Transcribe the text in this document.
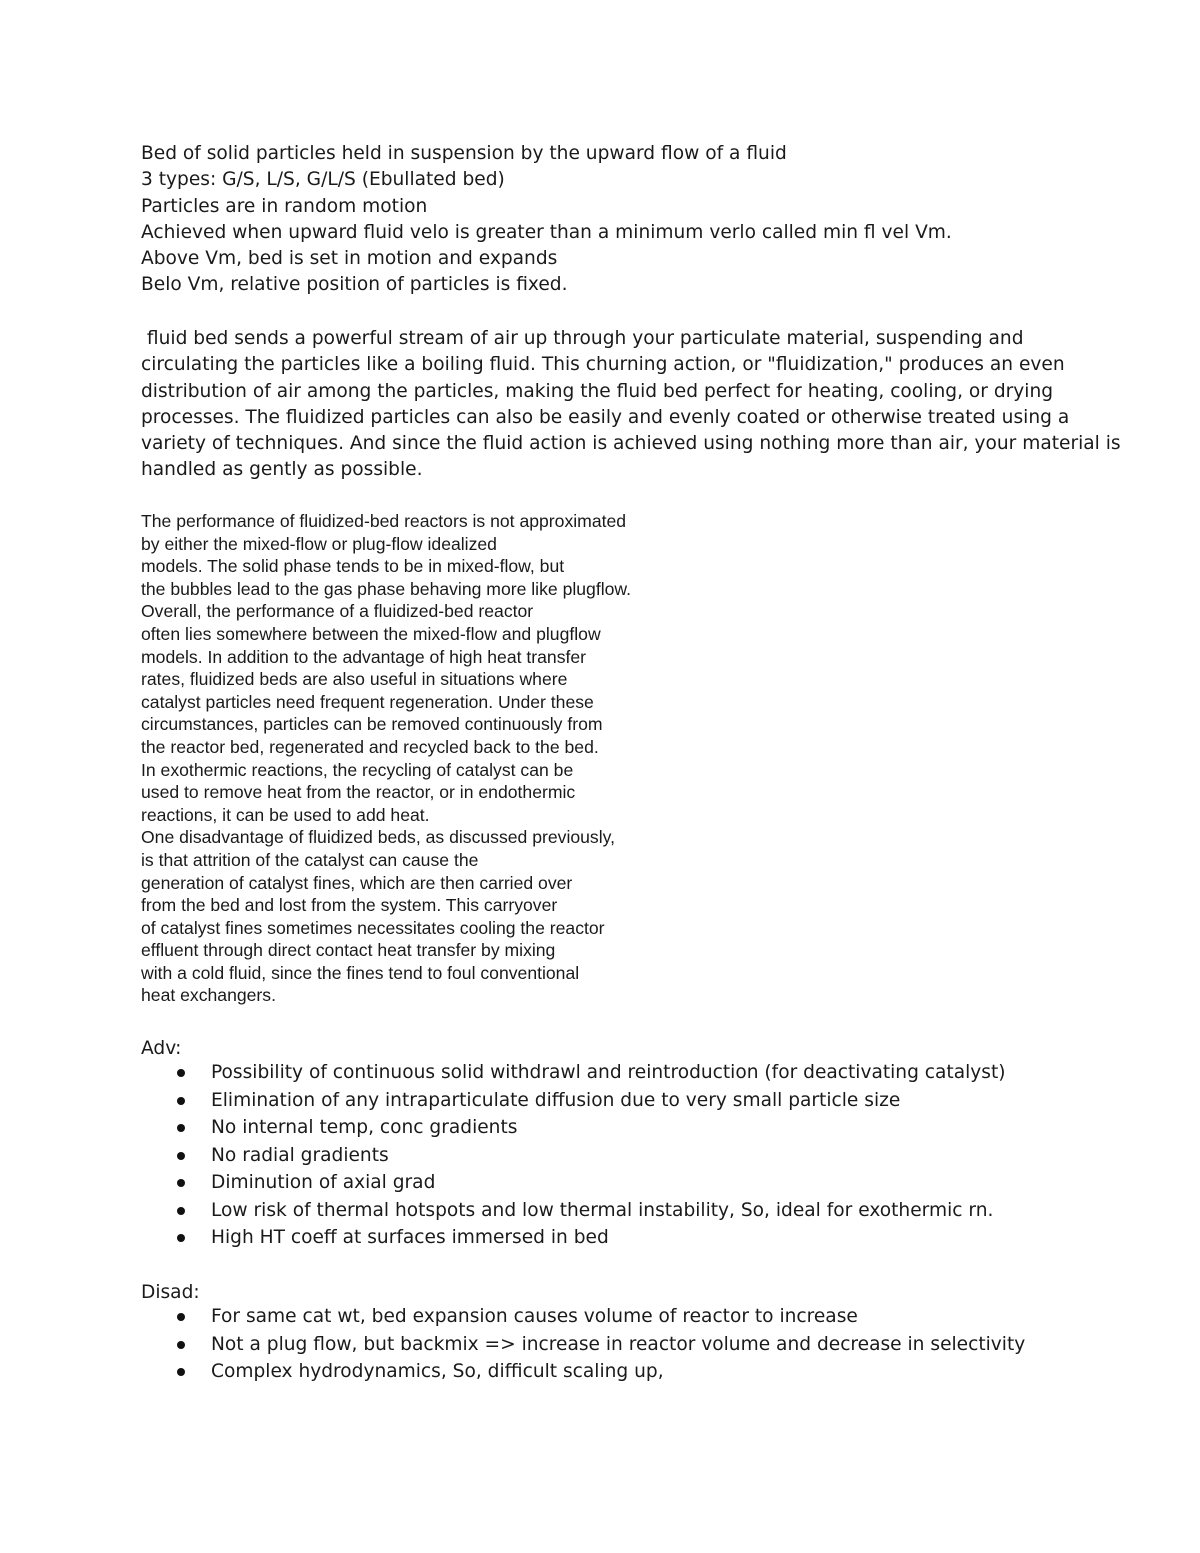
Bed of solid particles held in suspension by the upward flow of a fluid
3 types: G/S, L/S, G/L/S (Ebullated bed)
Particles are in random motion
Achieved when upward fluid velo is greater than a minimum verlo called min fl vel Vm.
Above Vm, bed is set in motion and expands
Belo Vm, relative position of particles is fixed.
fluid bed sends a powerful stream of air up through your particulate material, suspending and
circulating the particles like a boiling fluid. This churning action, or "fluidization," produces an even
distribution of air among the particles, making the fluid bed perfect for heating, cooling, or drying
processes. The fluidized particles can also be easily and evenly coated or otherwise treated using a
variety of techniques. And since the fluid action is achieved using nothing more than air, your material is
handled as gently as possible.
The performance of fluidized-bed reactors is not approximated
by either the mixed-flow or plug-flow idealized
models. The solid phase tends to be in mixed-flow, but
the bubbles lead to the gas phase behaving more like plugflow.
Overall, the performance of a fluidized-bed reactor
often lies somewhere between the mixed-flow and plugflow
models. In addition to the advantage of high heat transfer
rates, fluidized beds are also useful in situations where
catalyst particles need frequent regeneration. Under these
circumstances, particles can be removed continuously from
the reactor bed, regenerated and recycled back to the bed.
In exothermic reactions, the recycling of catalyst can be
used to remove heat from the reactor, or in endothermic
reactions, it can be used to add heat.
One disadvantage of fluidized beds, as discussed previously,
is that attrition of the catalyst can cause the
generation of catalyst fines, which are then carried over
from the bed and lost from the system. This carryover
of catalyst fines sometimes necessitates cooling the reactor
effluent through direct contact heat transfer by mixing
with a cold fluid, since the fines tend to foul conventional
heat exchangers.
Adv:
Possibility of continuous solid withdrawl and reintroduction (for deactivating catalyst)
Elimination of any intraparticulate diffusion due to very small particle size
No internal temp, conc gradients
No radial gradients
Diminution of axial grad
Low risk of thermal hotspots and low thermal instability, So, ideal for exothermic rn.
High HT coeff at surfaces immersed in bed
Disad:
For same cat wt, bed expansion causes volume of reactor to increase
Not a plug flow, but backmix => increase in reactor volume and decrease in selectivity
Complex hydrodynamics, So, difficult scaling up,
